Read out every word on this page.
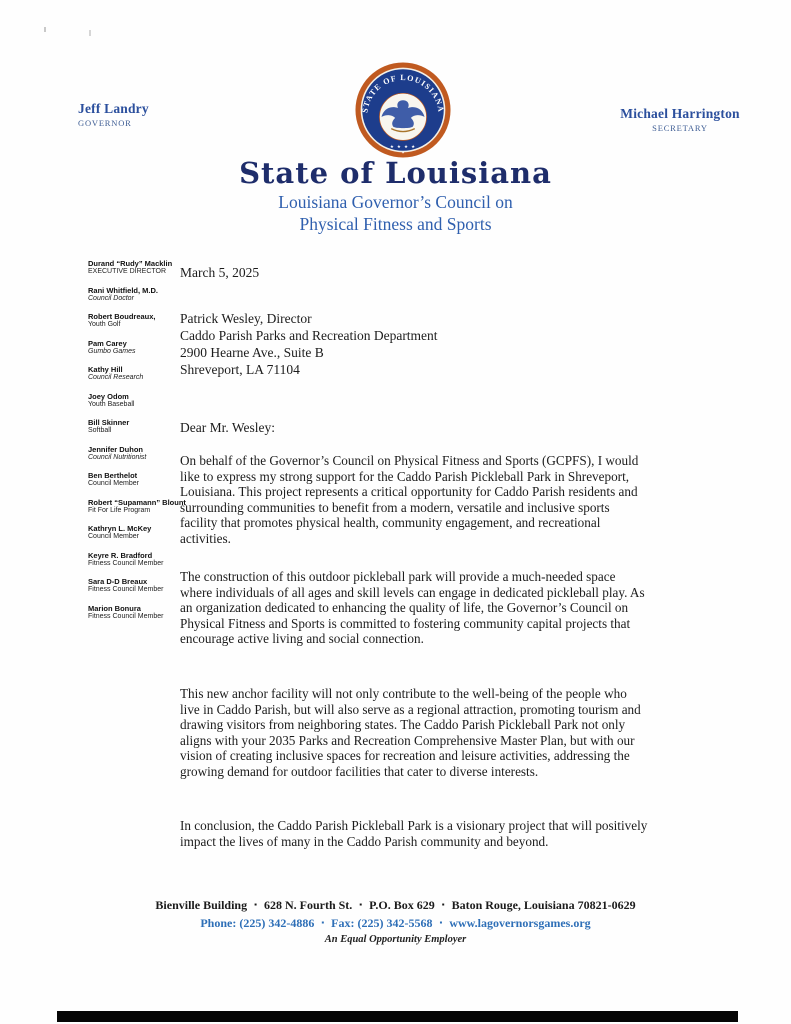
Jeff Landry
GOVERNOR
Michael Harrington
SECRETARY
STATE OF LOUISIANA
★ ★ ★ ★
★
State of Louisiana
Louisiana Governor’s Council on
Physical Fitness and Sports
Durand “Rudy” Macklin
EXECUTIVE DIRECTOR
Rani Whitfield, M.D.
Council Doctor
Robert Boudreaux,
Youth Golf
Pam Carey
Gumbo Games
Kathy Hill
Council Research
Joey Odom
Youth Baseball
Bill Skinner
Softball
Jennifer Duhon
Council Nutritionist
Ben Berthelot
Council Member
Robert “Supamann” Blount
Fit For Life Program
Kathryn L. McKey
Council Member
Keyre R. Bradford
Fitness Council Member
Sara D-D Breaux
Fitness Council Member
Marion Bonura
Fitness Council Member
March 5, 2025
Patrick Wesley, Director
Caddo Parish Parks and Recreation Department
2900 Hearne Ave., Suite B
Shreveport, LA 71104
Dear Mr. Wesley:

On behalf of the Governor’s Council on Physical Fitness and Sports (GCPFS), I would like to express my strong support for the Caddo Parish Pickleball Park in Shreveport, Louisiana. This project represents a critical opportunity for Caddo Parish residents and surrounding communities to benefit from a modern, versatile and inclusive sports facility that promotes physical health, community engagement, and recreational activities.

The construction of this outdoor pickleball park will provide a much-needed space where individuals of all ages and skill levels can engage in dedicated pickleball play. As an organization dedicated to enhancing the quality of life, the Governor’s Council on Physical Fitness and Sports is committed to fostering community capital projects that encourage active living and social connection.

This new anchor facility will not only contribute to the well-being of the people who live in Caddo Parish, but will also serve as a regional attraction, promoting tourism and drawing visitors from neighboring states. The Caddo Parish Pickleball Park not only aligns with your 2035 Parks and Recreation Comprehensive Master Plan, but with our vision of creating inclusive spaces for recreation and leisure activities, addressing the growing demand for outdoor facilities that cater to diverse interests.

In conclusion, the Caddo Parish Pickleball Park is a visionary project that will positively impact the lives of many in the Caddo Parish community and beyond.

Bienville Building ▪ 628 N. Fourth St. ▪ P.O. Box 629 ▪ Baton Rouge, Louisiana 70821-0629
Phone: (225) 342-4886 ▪ Fax: (225) 342-5568 ▪ www.lagovernorsgames.org
An Equal Opportunity Employer
